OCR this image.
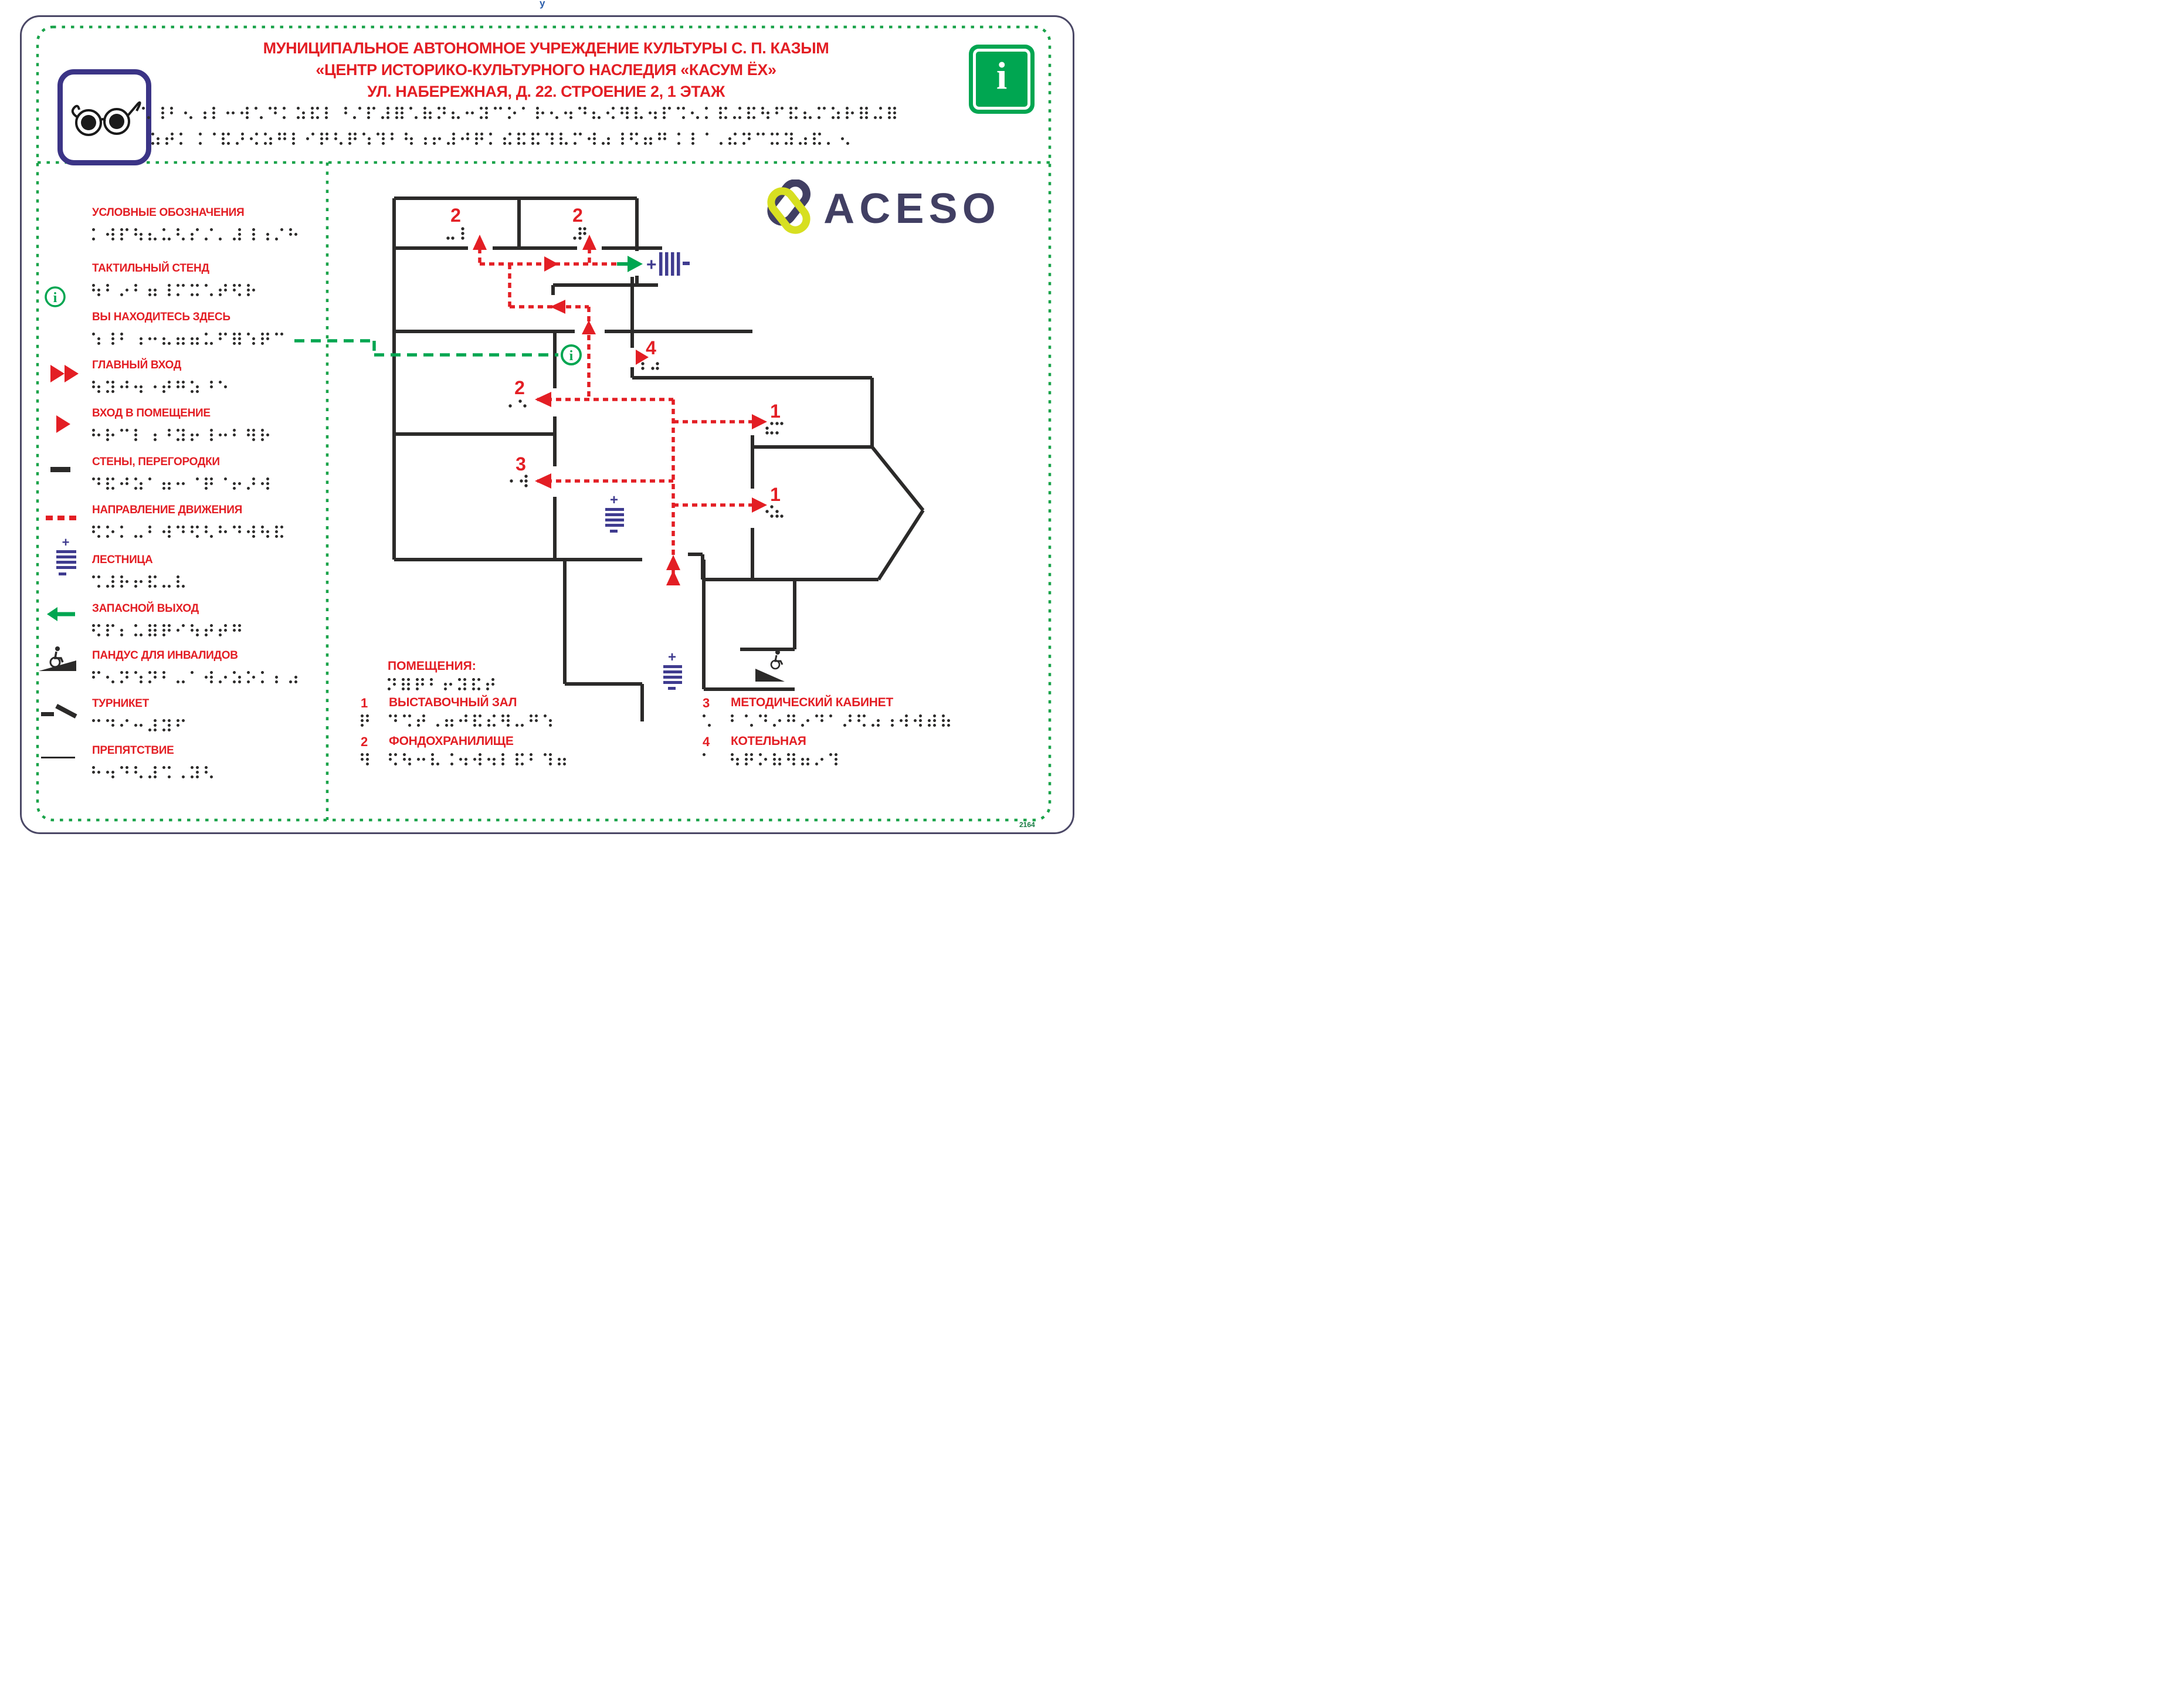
у
МУНИЦИПАЛЬНОЕ АВТОНОМНОЕ УЧРЕЖДЕНИЕ КУЛЬТУРЫ С. П. КАЗЫМ
«ЦЕНТР ИСТОРИКО-КУЛЬТУРНОГО НАСЛЕДИЯ «КАСУМ ЁХ»
УЛ. НАБЕРЕЖНАЯ, Д. 22. СТРОЕНИЕ 2, 1 ЭТАЖ	i
УСЛОВНЫЕ ОБОЗНАЧЕНИЯ
ТАКТИЛЬНЫЙ СТЕНД
i
ВЫ НАХОДИТЕСЬ ЗДЕСЬ
ГЛАВНЫЙ ВХОД
ВХОД В ПОМЕЩЕНИЕ
СТЕНЫ, ПЕРЕГОРОДКИ
НАПРАВЛЕНИЕ ДВИЖЕНИЯ
+
ЛЕСТНИЦА
ЗАПАСНОЙ ВЫХОД
ПАНДУС ДЛЯ ИНВАЛИДОВ
ТУРНИКЕТ
ПРЕПЯТСТВИЕ
ACESO
i
+
+
+
2	2
4
2
3
1
1
ПОМЕЩЕНИЯ:
1 ВЫСТАВОЧНЫЙ ЗАЛ
2 ФОНДОХРАНИЛИЩЕ
3 МЕТОДИЧЕСКИЙ КАБИНЕТ
4 КОТЕЛЬНАЯ
2164
